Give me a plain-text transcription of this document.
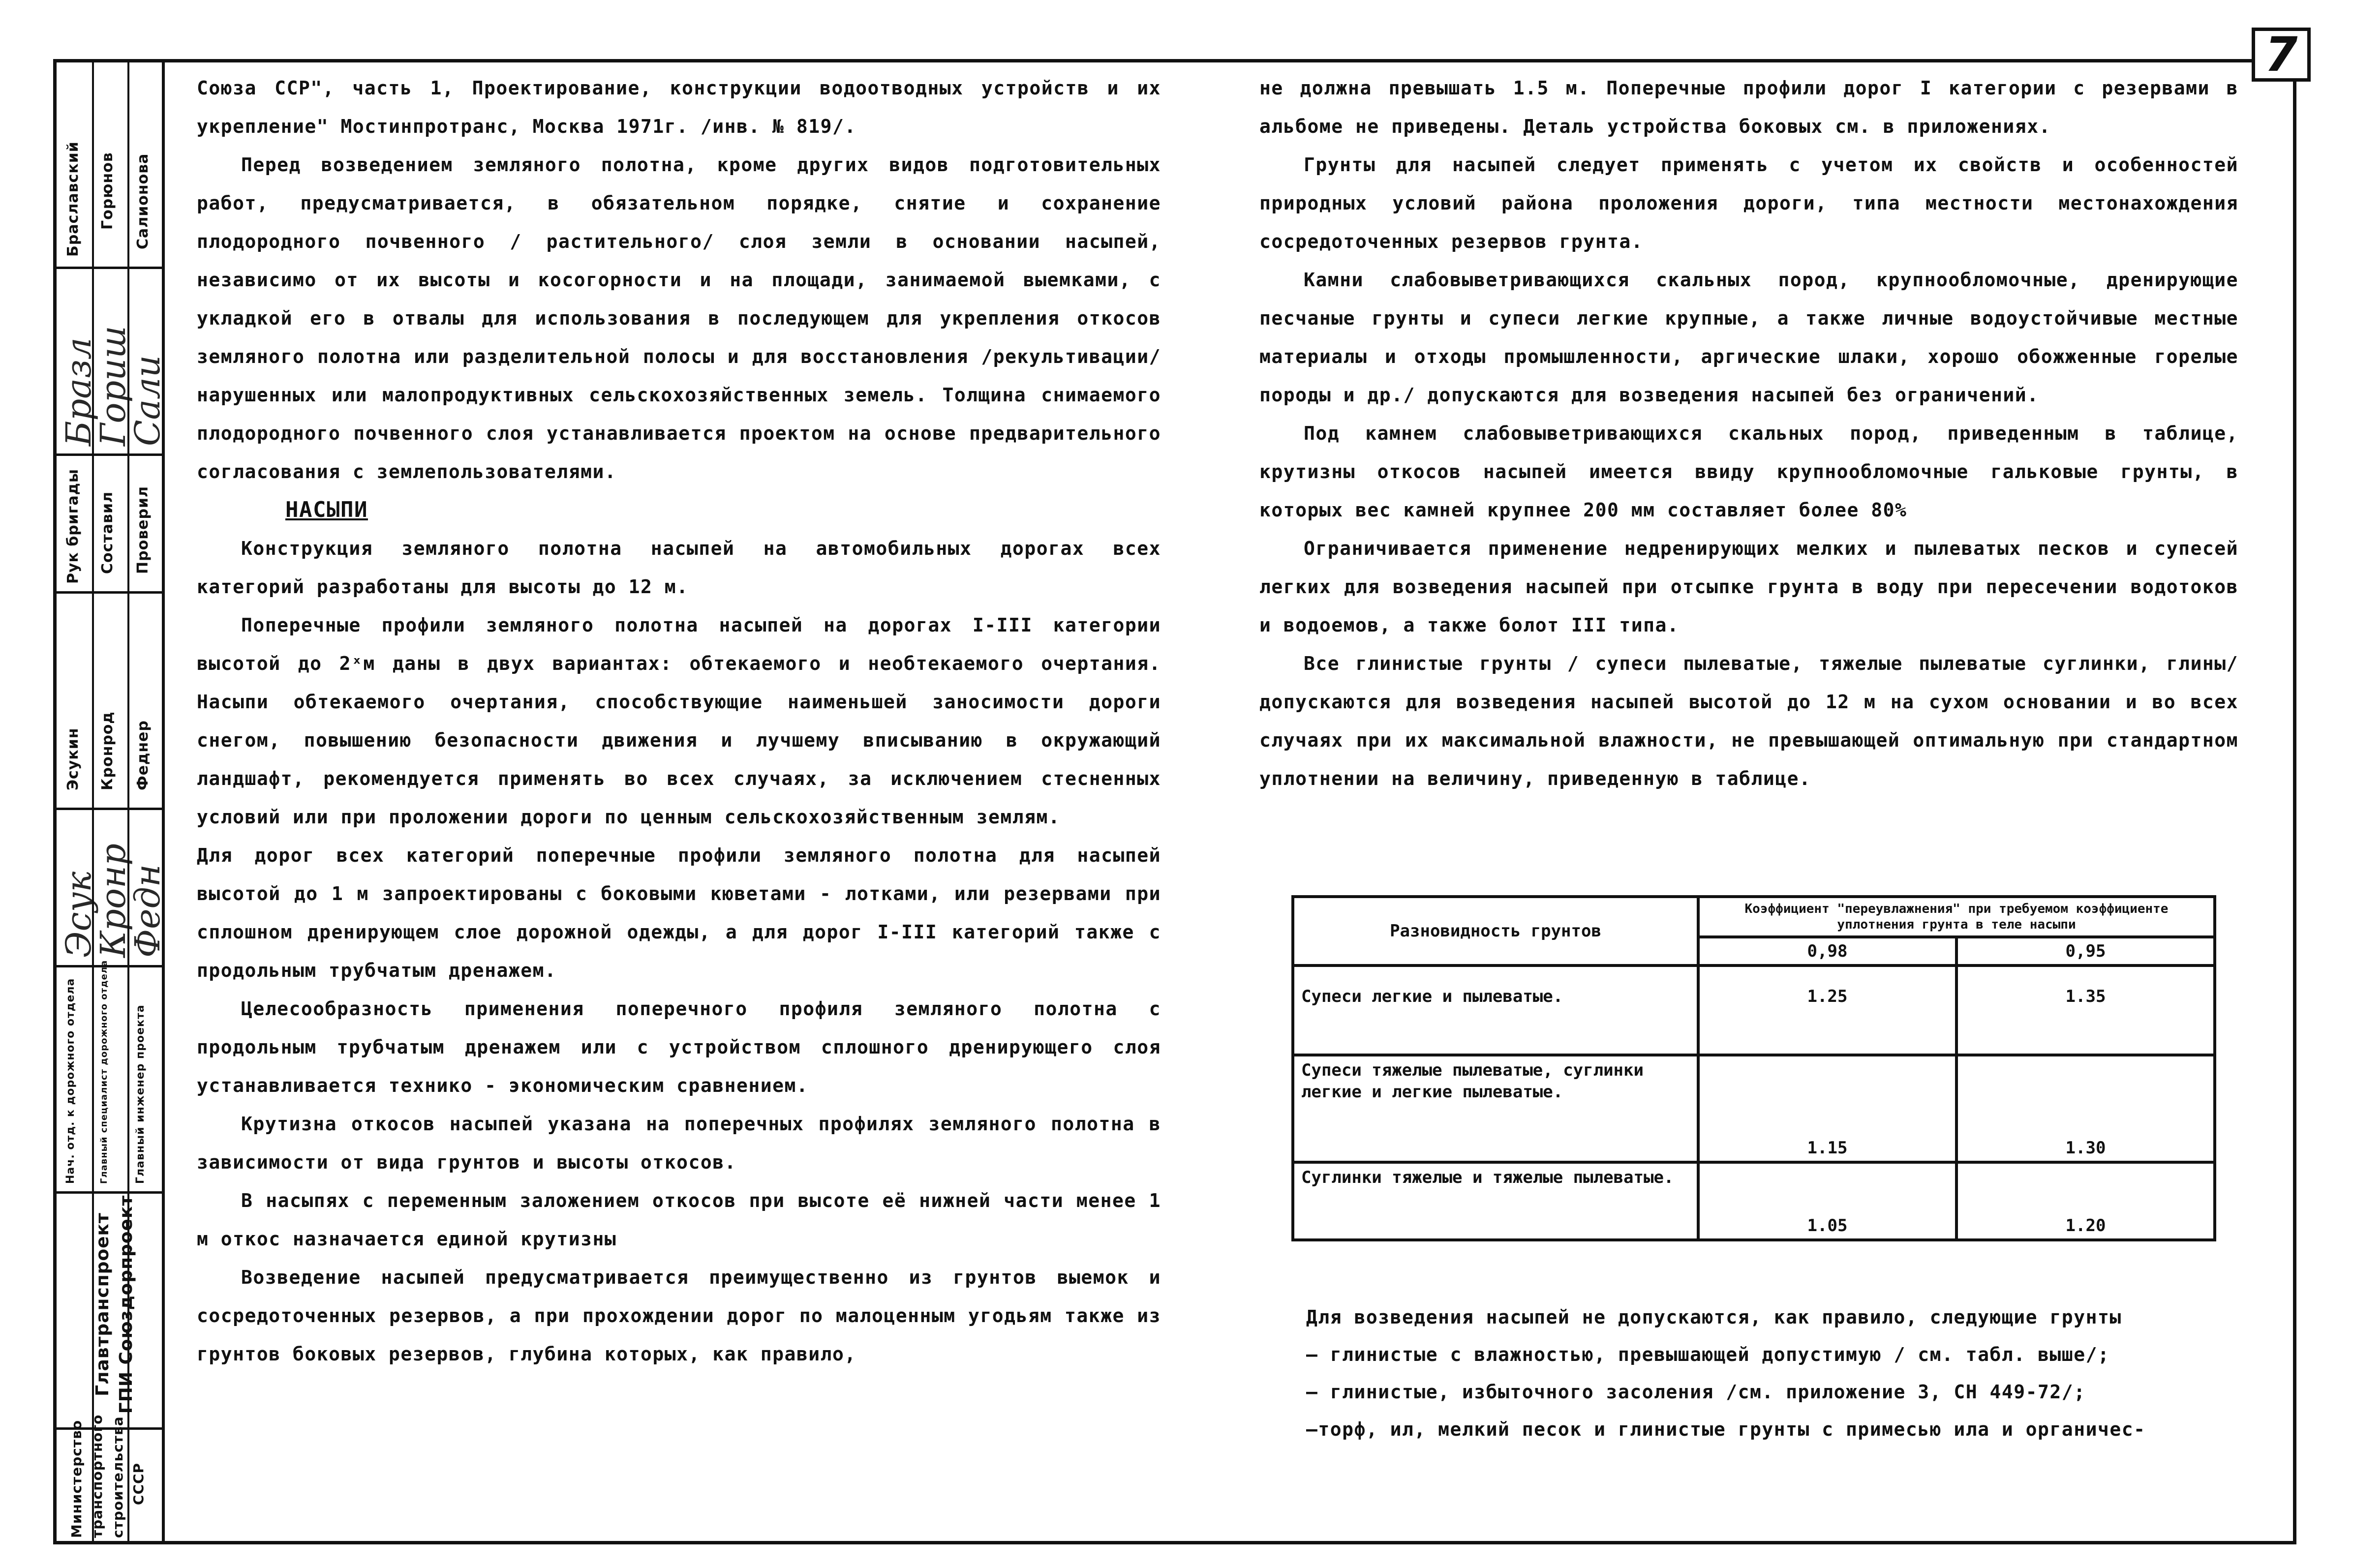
7
Браславский Горюнов Салионова
Бразл
Гориш
Сали
Рук бригады Составил Проверил
Эсукин Кронрод Феднер
Эсук
Кронр
Федн
Нач. отд. к дорожного отдела	Главный специалист дорожного отдела Главный инженер проекта
Главтранспроект ГПИ Союздорпроект
Министерство транспортного строительства СССР

Союза ССР", часть 1, Проектирование, конструкции водоотводных устройств и их укрепление" Мостинпротранс, Москва 1971г. /инв. № 819/.

Перед возведением земляного полотна, кроме других видов подготовительных работ, предусматривается, в обязательном порядке, снятие и сохранение плодородного почвенного / растительного/ слоя земли в основании насыпей, независимо от их высоты и косогорности и на площади, занимаемой выемками, с укладкой его в отвалы для использования в последующем для укрепления откосов земляного полотна или разделительной полосы и для восстановления /рекультивации/ нарушенных или малопродуктивных сельскохозяйственных земель. Толщина снимаемого плодородного почвенного слоя устанавливается проектом на основе предварительного согласования с землепользователями.

НАСЫПИ

Конструкция земляного полотна насыпей на автомобильных дорогах всех категорий разработаны для высоты до 12 м.

Поперечные профили земляного полотна насыпей на дорогах I-III категории высотой до 2ˣм даны в двух вариантах: обтекаемого и необтекаемого очертания. Насыпи обтекаемого очертания, способствующие наименьшей заносимости дороги снегом, повышению безопасности движения и лучшему вписыванию в окружающий ландшафт, рекомендуется применять во всех случаях, за исключением стесненных условий или при проложении дороги по ценным сельскохозяйственным землям.

Для дорог всех категорий поперечные профили земляного полотна для насыпей высотой до 1 м запроектированы с боковыми кюветами - лотками, или резервами при сплошном дренирующем слое дорожной одежды, а для дорог I-III категорий также с продольным трубчатым дренажем.

Целесообразность применения поперечного профиля земляного полотна с продольным трубчатым дренажем или с устройством сплошного дренирующего слоя устанавливается технико - экономическим сравнением.

Крутизна откосов насыпей указана на поперечных профилях земляного полотна в зависимости от вида грунтов и высоты откосов.

В насыпях с переменным заложением откосов при высоте её нижней части менее 1 м откос назначается единой крутизны

Возведение насыпей предусматривается преимущественно из грунтов выемок и сосредоточенных резервов, а при прохождении дорог по малоценным угодьям также из грунтов боковых резервов, глубина которых, как правило,

не должна превышать 1.5 м. Поперечные профили дорог I категории с резервами в альбоме не приведены. Деталь устройства боковых см. в приложениях.

Грунты для насыпей следует применять с учетом их свойств и особенностей природных условий района проложения дороги, типа местности местонахождения сосредоточенных резервов грунта.

Камни слабовыветривающихся скальных пород, крупнообломочные, дренирующие песчаные грунты и супеси легкие крупные, а также личные водоустойчивые местные материалы и отходы промышленности, аргические шлаки, хорошо обожженные горелые породы и др./ допускаются для возведения насыпей без ограничений.

Под камнем слабовыветривающихся скальных пород, приведенным в таблице, крутизны откосов насыпей имеется ввиду крупнообломочные гальковые грунты, в которых вес камней крупнее 200 мм составляет более 80%

Ограничивается применение недренирующих мелких и пылеватых песков и супесей легких для возведения насыпей при отсыпке грунта в воду при пересечении водотоков и водоемов, а также болот III типа.

Все глинистые грунты / супеси пылеватые, тяжелые пылеватые суглинки, глины/ допускаются для возведения насыпей высотой до 12 м на сухом основании и во всех случаях при их максимальной влажности, не превышающей оптимальную при стандартном уплотнении на величину, приведенную в таблице.

Разновидность грунтов	Коэффициент "переувлажнения" при требуемом коэффициенте уплотнения грунта в теле насыпи	
	0,98	0,95
Супеси легкие и пылеватые.	1.25	1.35
Супеси тяжелые пылеватые, суглинки легкие и легкие пылеватые.	1.15	1.30
Суглинки тяжелые и тяжелые пылеватые.	1.05	1.20

Для возведения насыпей не допускаются, как правило, следующие грунты

— глинистые с влажностью, превышающей допустимую / см. табл. выше/;

— глинистые, избыточного засоления /см. приложение 3, СН 449-72/;

—торф, ил, мелкий песок и глинистые грунты с примесью ила и органичес-
